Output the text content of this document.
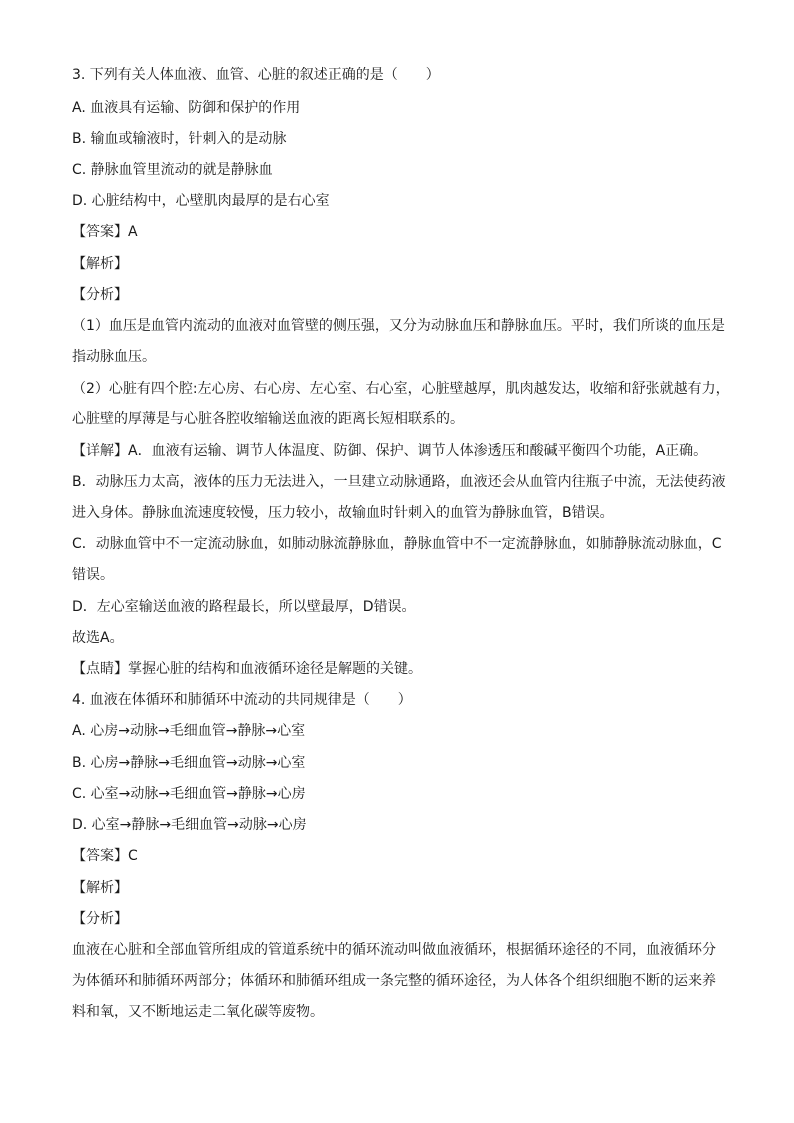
3. 下列有关人体血液、血管、心脏的叙述正确的是（　　）
A. 血液具有运输、防御和保护的作用
B. 输血或输液时，针刺入的是动脉
C. 静脉血管里流动的就是静脉血
D. 心脏结构中，心壁肌肉最厚的是右心室
【答案】A
【解析】
【分析】
（1）血压是血管内流动的血液对血管壁的侧压强，又分为动脉血压和静脉血压。平时，我们所谈的血压是
指动脉血压。
（2）心脏有四个腔:左心房、右心房、左心室、右心室，心脏壁越厚，肌肉越发达，收缩和舒张就越有力，
心脏壁的厚薄是与心脏各腔收缩输送血液的距离长短相联系的。
【详解】A．血液有运输、调节人体温度、防御、保护、调节人体渗透压和酸碱平衡四个功能，A正确。
B．动脉压力太高，液体的压力无法进入，一旦建立动脉通路，血液还会从血管内往瓶子中流，无法使药液
进入身体。静脉血流速度较慢，压力较小，故输血时针刺入的血管为静脉血管，B错误。
C．动脉血管中不一定流动脉血，如肺动脉流静脉血，静脉血管中不一定流静脉血，如肺静脉流动脉血，C
错误。
D．左心室输送血液的路程最长，所以壁最厚，D错误。
故选A。
【点睛】掌握心脏的结构和血液循环途径是解题的关键。
4. 血液在体循环和肺循环中流动的共同规律是（　　）
A. 心房→动脉→毛细血管→静脉→心室
B. 心房→静脉→毛细血管→动脉→心室
C. 心室→动脉→毛细血管→静脉→心房
D. 心室→静脉→毛细血管→动脉→心房
【答案】C
【解析】
【分析】
血液在心脏和全部血管所组成的管道系统中的循环流动叫做血液循环，根据循环途径的不同，血液循环分
为体循环和肺循环两部分；体循环和肺循环组成一条完整的循环途径，为人体各个组织细胞不断的运来养
料和氧，又不断地运走二氧化碳等废物。
